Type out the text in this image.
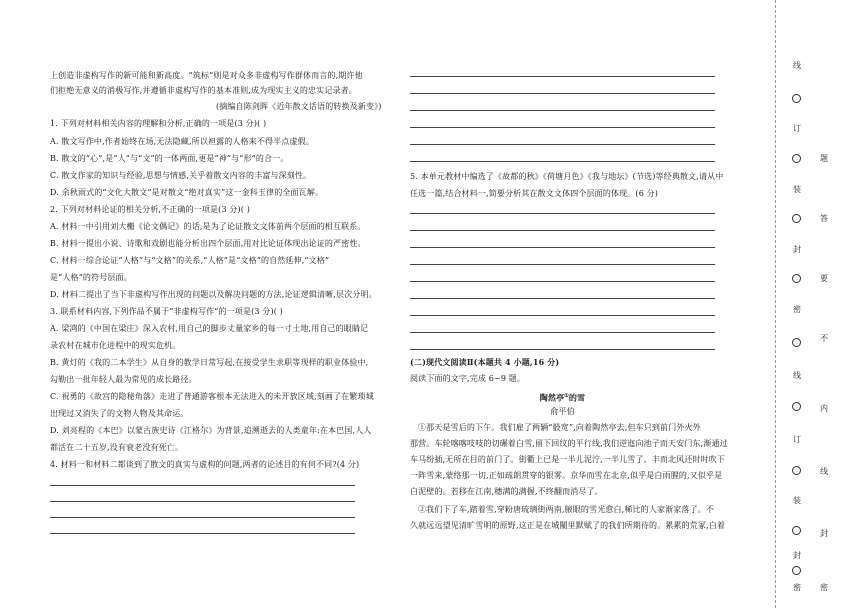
上创造非虚构写作的新可能和新高度。“筑标”则是对众多非虚构写作群体而言的,期许他
们拒绝无意义的消极写作,并遵循非虚构写作的基本准则,成为现实主义的忠实记录者。
(摘编自陈剑晖《近年散文话语的转换及新变》)
1. 下列对材料相关内容的理解和分析,正确的一项是(3 分)( )
A. 散文写作中,作者始终在场,无法隐藏,所以袒露的人格来不得半点虚假。
B. 散文的“心”,是“人”与“文”的一体两面,更是“神”与“形”的合一。
C. 散文作家的知识与经验,思想与情感,关乎着散文内容的丰富与深刻性。
D. 余秋雨式的“文化大散文”是对散文“绝对真实”这一金科玉律的全面瓦解。
2. 下列对材料论证的相关分析,不正确的一项是(3 分)( )
A. 材料一中引用刘大櫆《论文偶记》的话,是为了论证散文文体前两个层面的相互联系。
B. 材料一提出小说、诗歌和戏剧也能分析出四个层面,用对比论证体现出论证的严密性。
C. 材料一综合论证“人格”与“文格”的关系,“人格”是“文格”的自然延伸,“文格”
是“人格”的符号层面。
D. 材料二提出了当下非虚构写作出现的问题以及解决问题的方法,论证逻辑清晰,层次分明。
3. 联系材料内容,下列作品不属于“非虚构写作”的一项是(3 分)( )
A. 梁鸿的《中国在梁庄》深入农村,用自己的脚步丈量家乡的每一寸土地,用自己的眼睛记
录农村在城市化进程中的现实危机。
B. 黄灯的《我的二本学生》从自身的教学日常写起,在接受学生求职等现样的职业体验中,
勾勒出一批年轻人最为常见的成长路径。
C. 祝勇的《故宫的隐秘角落》走进了普通游客根本无法进入的未开放区域,刻画了在繁琐城
出现过又消失了的文物人物及其命运。
D. 刘亮程的《本巴》以蒙古族史诗《江格尔》为背景,追溯逝去的人类童年:在本巴国,人人
都活在二十五岁,没有衰老没有死亡。
4. 材料一和材料二都谈到了散文的真实与虚构的问题,两者的论述目的有何不同?(4 分)
5. 本单元教材中编选了《故都的秋》《荷塘月色》《我与地坛》(节选)等经典散文,请从中
任选一篇,结合材料一,简要分析其在散文文体四个层面的体现。(6 分)
(二)现代文阅读Ⅱ(本题共 4 小题,16 分)
阅读下面的文字,完成 6~9 题。
陶然亭①的雪
俞平伯
①那天是雪后的下午。我们雇了两辆“骰宽”,向着陶然亭去,但车只到前门外火外
那营。车轮喀喀吱吱的切碾着白雪,留下回纹的平行线,我们逆迤向池子而天安门东,渐通过
车马纷插,无所在目的前门了。街衢上已是一半儿泥泞,一半儿雪了。丰而北风还时时吹下
一阵雪来,蒙络那一切,正如疏朗贯穿的银雾。京华而雪在北京,似乎是白雨腥的,又似乎是
白泥壁的。若移在江南,穗满的满握,不终翻而消尽了。
②我们下了车,踏着雪,穿粉唐琉璃街两南,腋眼的雪光愈白,稀比的人家渐家落了。不
久就远远望见清旷雪明的原野,这正是在城闉里默赋了的我们所期待的。累累的荒冢,白着
线
订
装
封
密
线
订
装
封
密
题
答
要
不
内
线
封
密
